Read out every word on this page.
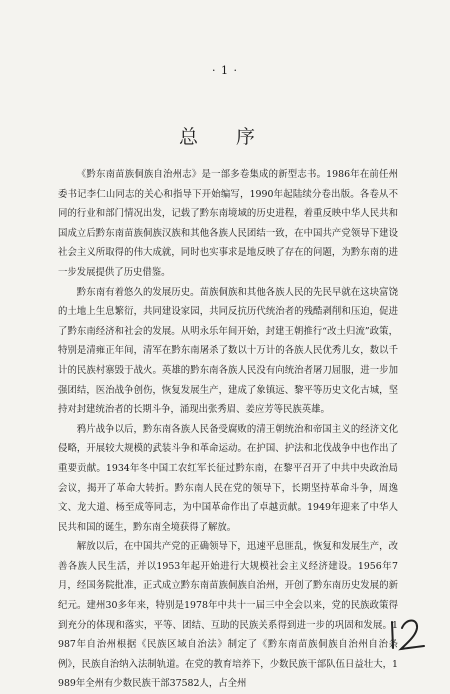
· 1 ·
总 序

《黔东南苗族侗族自治州志》是一部多卷集成的新型志书。1986年在前任州委书记李仁山同志的关心和指导下开始编写，1990年起陆续分卷出版。各卷从不同的行业和部门情况出发，记载了黔东南境域的历史进程，着重反映中华人民共和国成立后黔东南苗族侗族汉族和其他各族人民团结一致，在中国共产党领导下建设社会主义所取得的伟大成就，同时也实事求是地反映了存在的问题，为黔东南的进一步发展提供了历史借鉴。

黔东南有着悠久的发展历史。苗族侗族和其他各族人民的先民早就在这块富饶的土地上生息繁衍，共同建设家园，共同反抗历代统治者的残酷剥削和压迫，促进了黔东南经济和社会的发展。从明永乐年间开始，封建王朝推行“改土归流”政策，特别是清雍正年间，清军在黔东南屠杀了数以十万计的各族人民优秀儿女，数以千计的民族村寨毁于战火。英雄的黔东南各族人民没有向统治者屠刀屈服，进一步加强团结，医治战争创伤，恢复发展生产，建成了象镇远、黎平等历史文化古城，坚持对封建统治者的长期斗争，涌现出张秀眉、姜应芳等民族英雄。

鸦片战争以后，黔东南各族人民备受腐败的清王朝统治和帝国主义的经济文化侵略，开展较大规模的武装斗争和革命运动。在护国、护法和北伐战争中也作出了重要贡献。1934年冬中国工农红军长征过黔东南，在黎平召开了中共中央政治局会议，揭开了革命大转折。黔东南人民在党的领导下，长期坚持革命斗争，周逸文、龙大道、杨至成等同志，为中国革命作出了卓越贡献。1949年迎来了中华人民共和国的诞生，黔东南全境获得了解放。

解放以后，在中国共产党的正确领导下，迅速平息匪乱，恢复和发展生产，改善各族人民生活，并以1953年起开始进行大规模社会主义经济建设。1956年7月，经国务院批准，正式成立黔东南苗族侗族自治州，开创了黔东南历史发展的新纪元。建州30多年来，特别是1978年中共十一届三中全会以来，党的民族政策得到充分的体现和落实，平等、团结、互助的民族关系得到进一步的巩固和发展。1987年自治州根据《民族区域自治法》制定了《黔东南苗族侗族自治州自治条例》，民族自治纳入法制轨道。在党的教育培养下，少数民族干部队伍日益壮大，1989年全州有少数民族干部37582人，占全州
